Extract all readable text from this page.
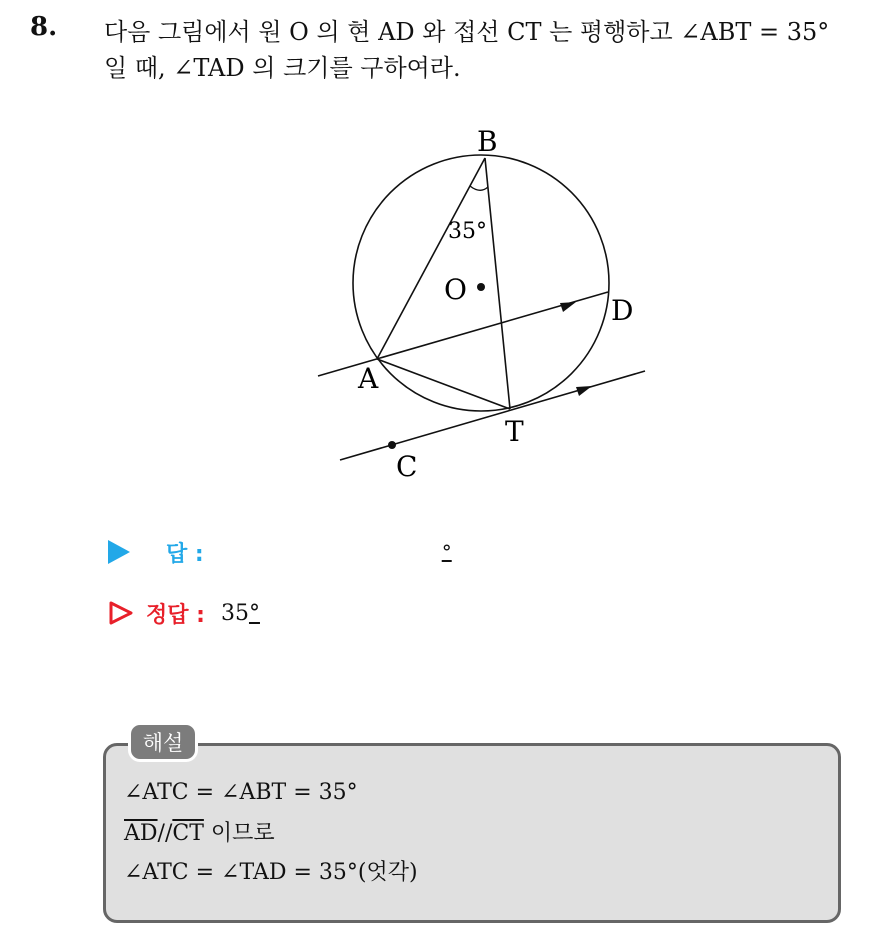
8. 다음 그림에서 원 O 의 현 AD 와 접선 CT 는 평행하고 ∠ABT = 35°
일 때, ∠TAD 의 크기를 구하여라.
B
35°
O
D
A
T
C
답 :	°
정답 : 35°
해설
∠ATC = ∠ABT = 35°
$\overline{AD}//\overline{CT}$ 이므로
∠ATC = ∠TAD = 35°(엇각)
